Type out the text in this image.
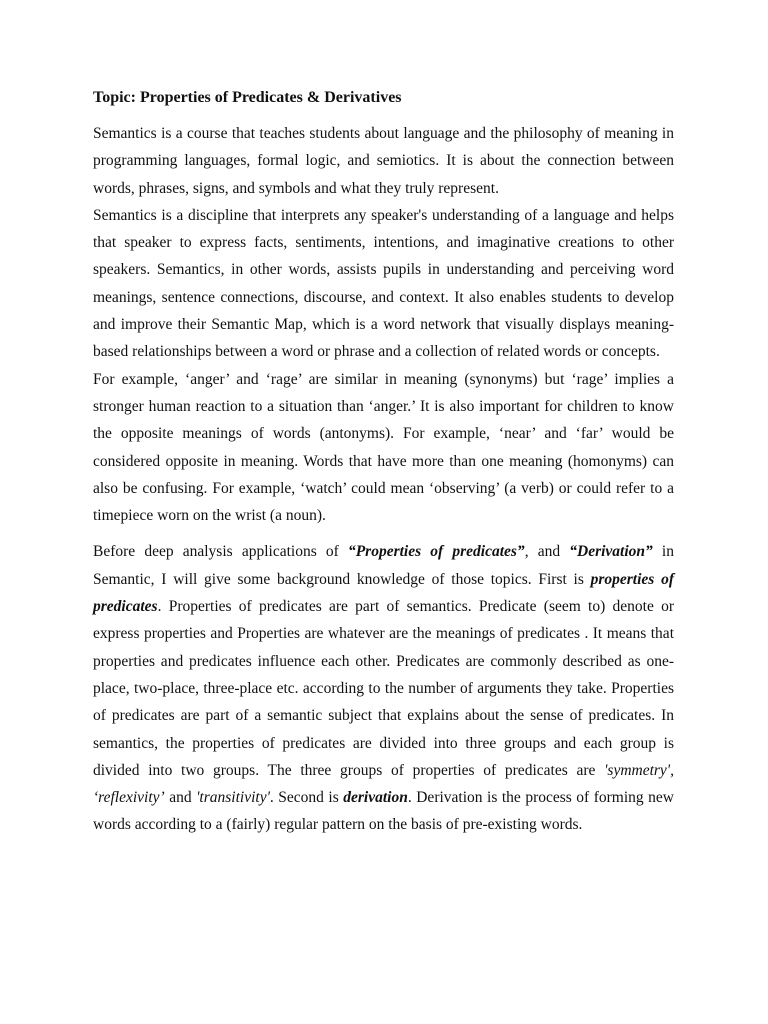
Topic: Properties of Predicates & Derivatives

Semantics is a course that teaches students about language and the philosophy of meaning in programming languages, formal logic, and semiotics. It is about the connection between words, phrases, signs, and symbols and what they truly represent.

Semantics is a discipline that interprets any speaker's understanding of a language and helps that speaker to express facts, sentiments, intentions, and imaginative creations to other speakers. Semantics, in other words, assists pupils in understanding and perceiving word meanings, sentence connections, discourse, and context. It also enables students to develop and improve their Semantic Map, which is a word network that visually displays meaning-based relationships between a word or phrase and a collection of related words or concepts.

For example, ‘anger’ and ‘rage’ are similar in meaning (synonyms) but ‘rage’ implies a stronger human reaction to a situation than ‘anger.’ It is also important for children to know the opposite meanings of words (antonyms). For example, ‘near’ and ‘far’ would be considered opposite in meaning. Words that have more than one meaning (homonyms) can also be confusing. For example, ‘watch’ could mean ‘observing’ (a verb) or could refer to a timepiece worn on the wrist (a noun).

Before deep analysis applications of “Properties of predicates”, and “Derivation” in Semantic, I will give some background knowledge of those topics. First is properties of predicates. Properties of predicates are part of semantics. Predicate (seem to) denote or express properties and Properties are whatever are the meanings of predicates . It means that properties and predicates influence each other. Predicates are commonly described as one-place, two-place, three-place etc. according to the number of arguments they take. Properties of predicates are part of a semantic subject that explains about the sense of predicates. In semantics, the properties of predicates are divided into three groups and each group is divided into two groups. The three groups of properties of predicates are 'symmetry', ‘reflexivity’ and 'transitivity'. Second is derivation. Derivation is the process of forming new words according to a (fairly) regular pattern on the basis of pre-existing words.
